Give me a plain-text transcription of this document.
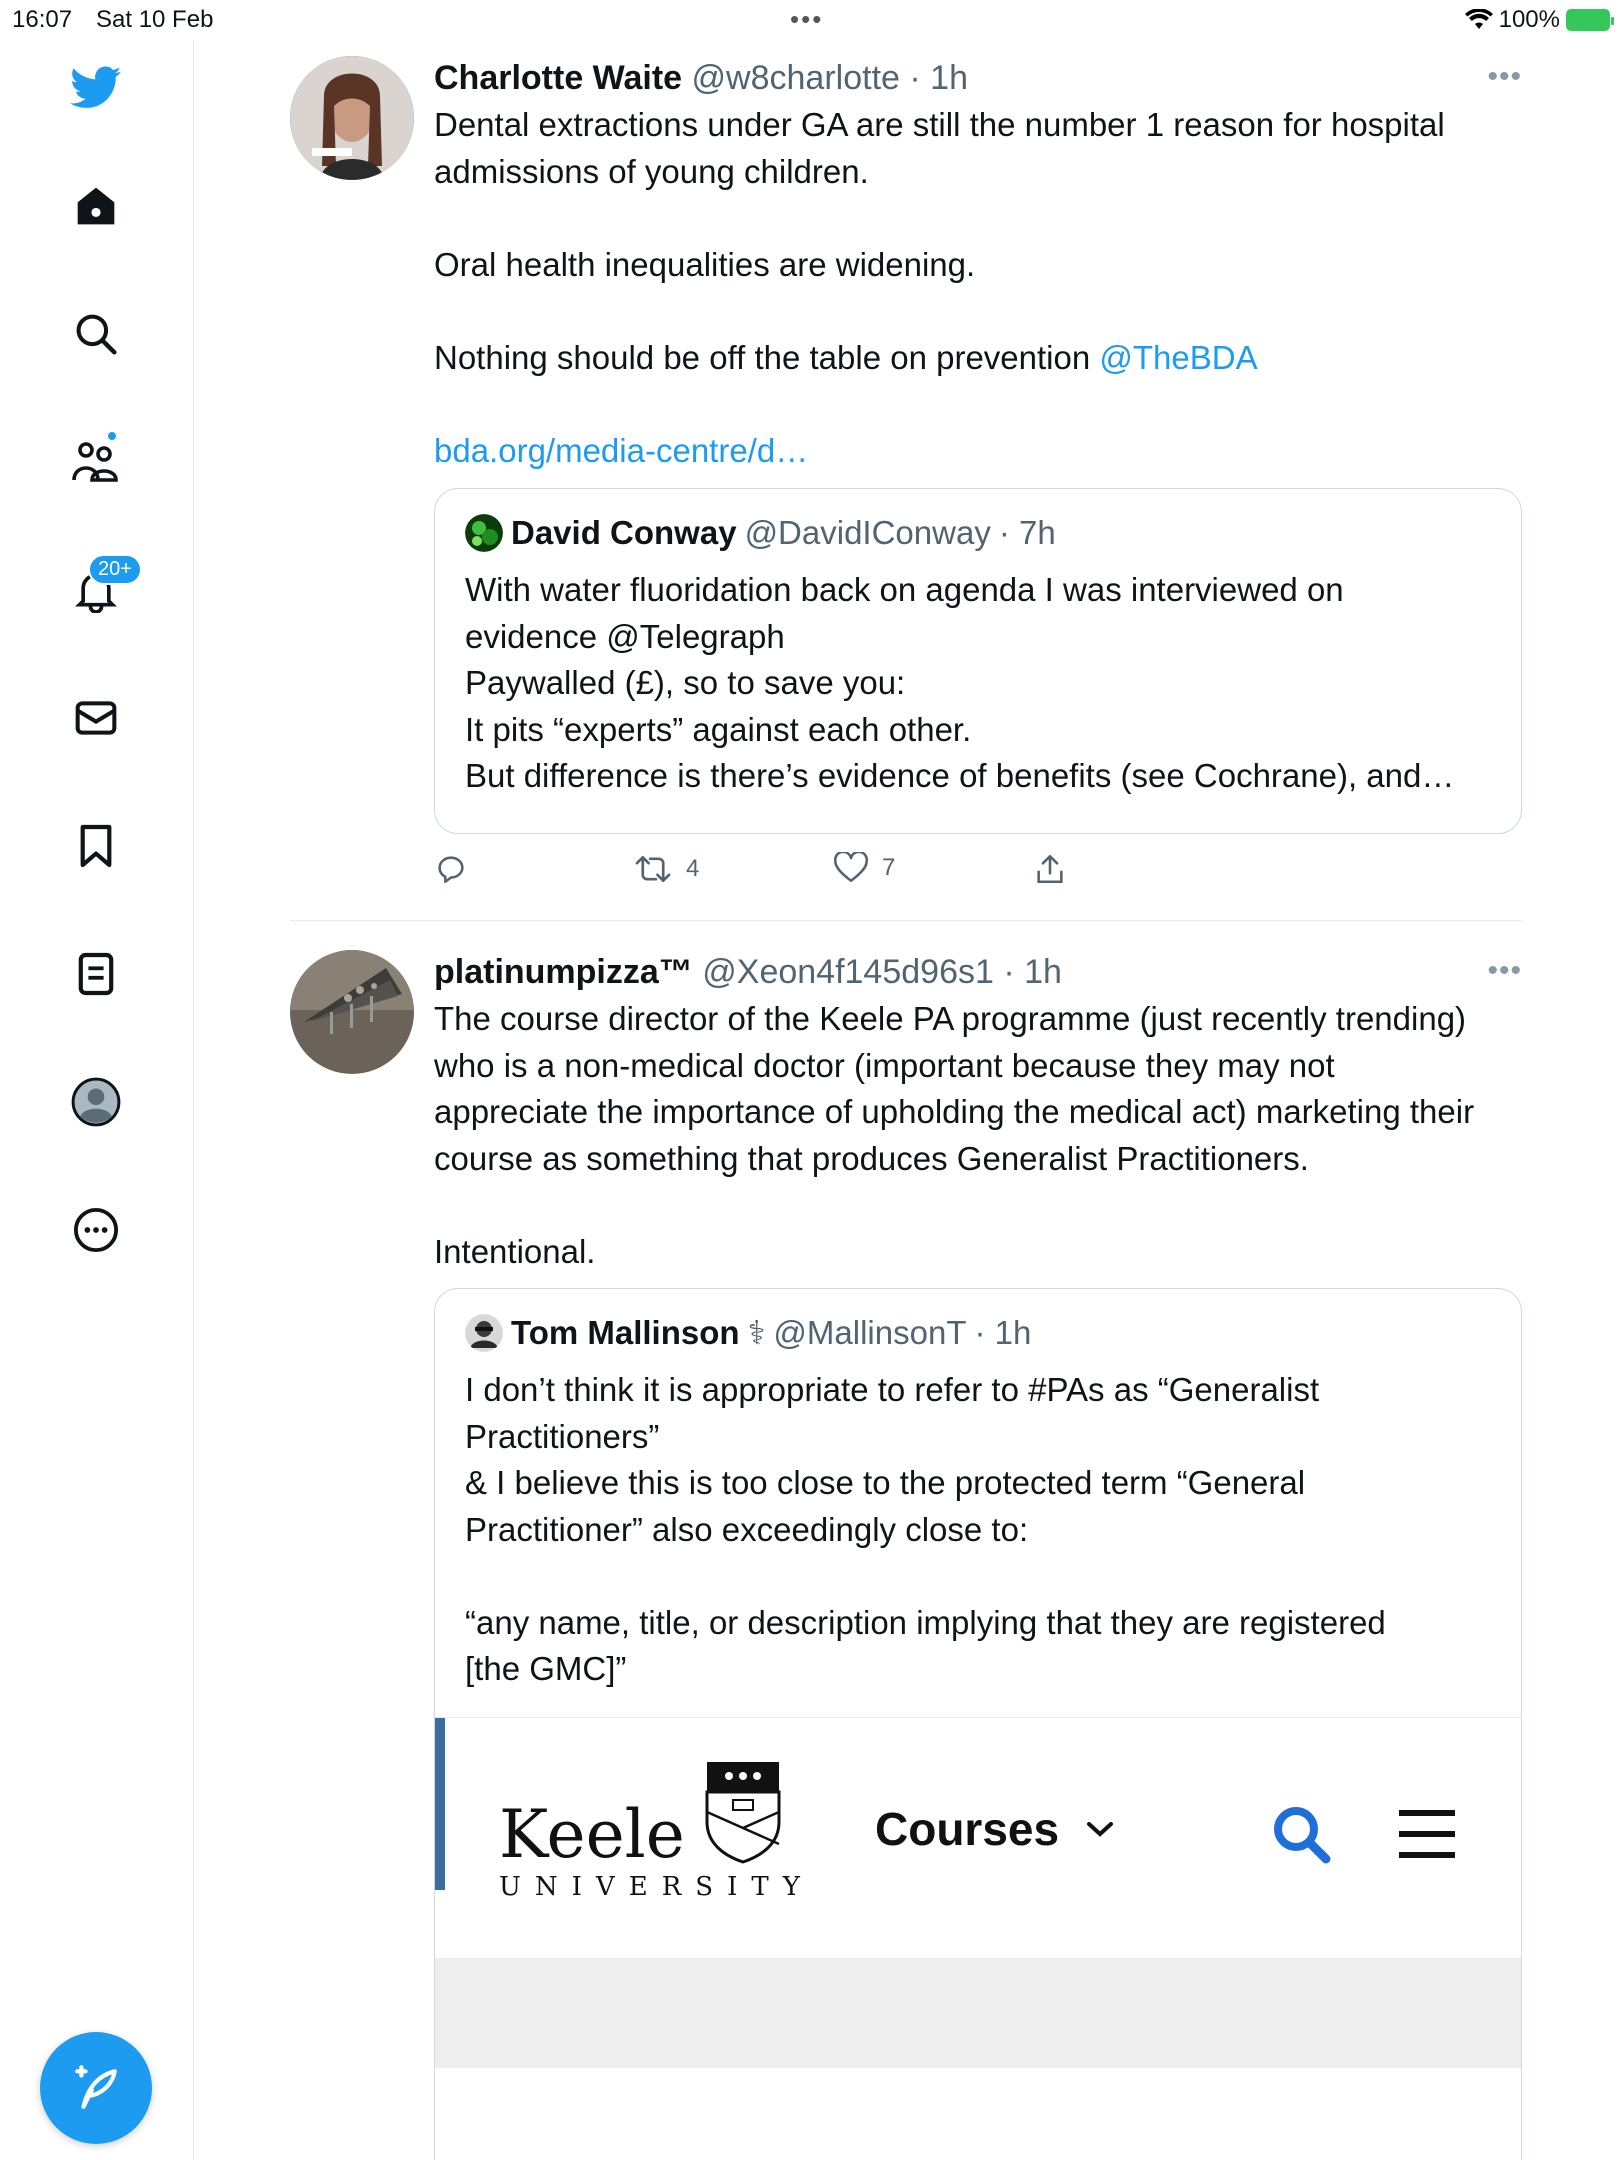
16:07 Sat 10 Feb	•••	100%
20+
Charlotte Waite @w8charlotte · 1h	•••
Dental extractions under GA are still the number 1 reason for hospital
admissions of young children.
Oral health inequalities are widening.
Nothing should be off the table on prevention @TheBDA
bda.org/media-centre/d…
David Conway @DavidIConway · 7h
With water fluoridation back on agenda I was interviewed on
evidence @Telegraph
Paywalled (£), so to save you:
It pits “experts” against each other.
But difference is there’s evidence of benefits (see Cochrane), and…
4	7
platinumpizza™ @Xeon4f145d96s1 · 1h	•••
The course director of the Keele PA programme (just recently trending)
who is a non-medical doctor (important because they may not
appreciate the importance of upholding the medical act) marketing their
course as something that produces Generalist Practitioners.
Intentional.
Tom Mallinson ⚕ @MallinsonT · 1h
I don’t think it is appropriate to refer to #PAs as “Generalist
Practitioners”
& I believe this is too close to the protected term “General
Practitioner” also exceedingly close to:
“any name, title, or description implying that they are registered
[the GMC]”
Keele
UNIVERSITY
Courses
